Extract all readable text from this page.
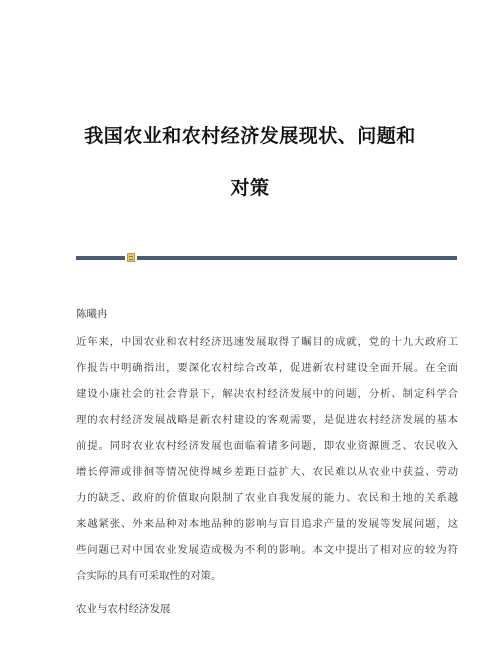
我国农业和农村经济发展现状、问题和
对策
陈曦冉
近年来，中国农业和农村经济迅速发展取得了瞩目的成就，党的十九大政府工
作报告中明确指出，要深化农村综合改革，促进新农村建设全面开展。在全面
建设小康社会的社会背景下，解决农村经济发展中的问题，分析、制定科学合
理的农村经济发展战略是新农村建设的客观需要，是促进农村经济发展的基本
前提。同时农业农村经济发展也面临着诸多问题，即农业资源匮乏、农民收入
增长停滞或徘徊等情况使得城乡差距日益扩大、农民难以从农业中获益、劳动
力的缺乏、政府的价值取向限制了农业自我发展的能力、农民和土地的关系越
来越紧张、外来品种对本地品种的影响与盲目追求产量的发展等发展问题，这
些问题已对中国农业发展造成极为不利的影响。本文中提出了相对应的较为符
合实际的具有可采取性的对策。
农业与农村经济发展
